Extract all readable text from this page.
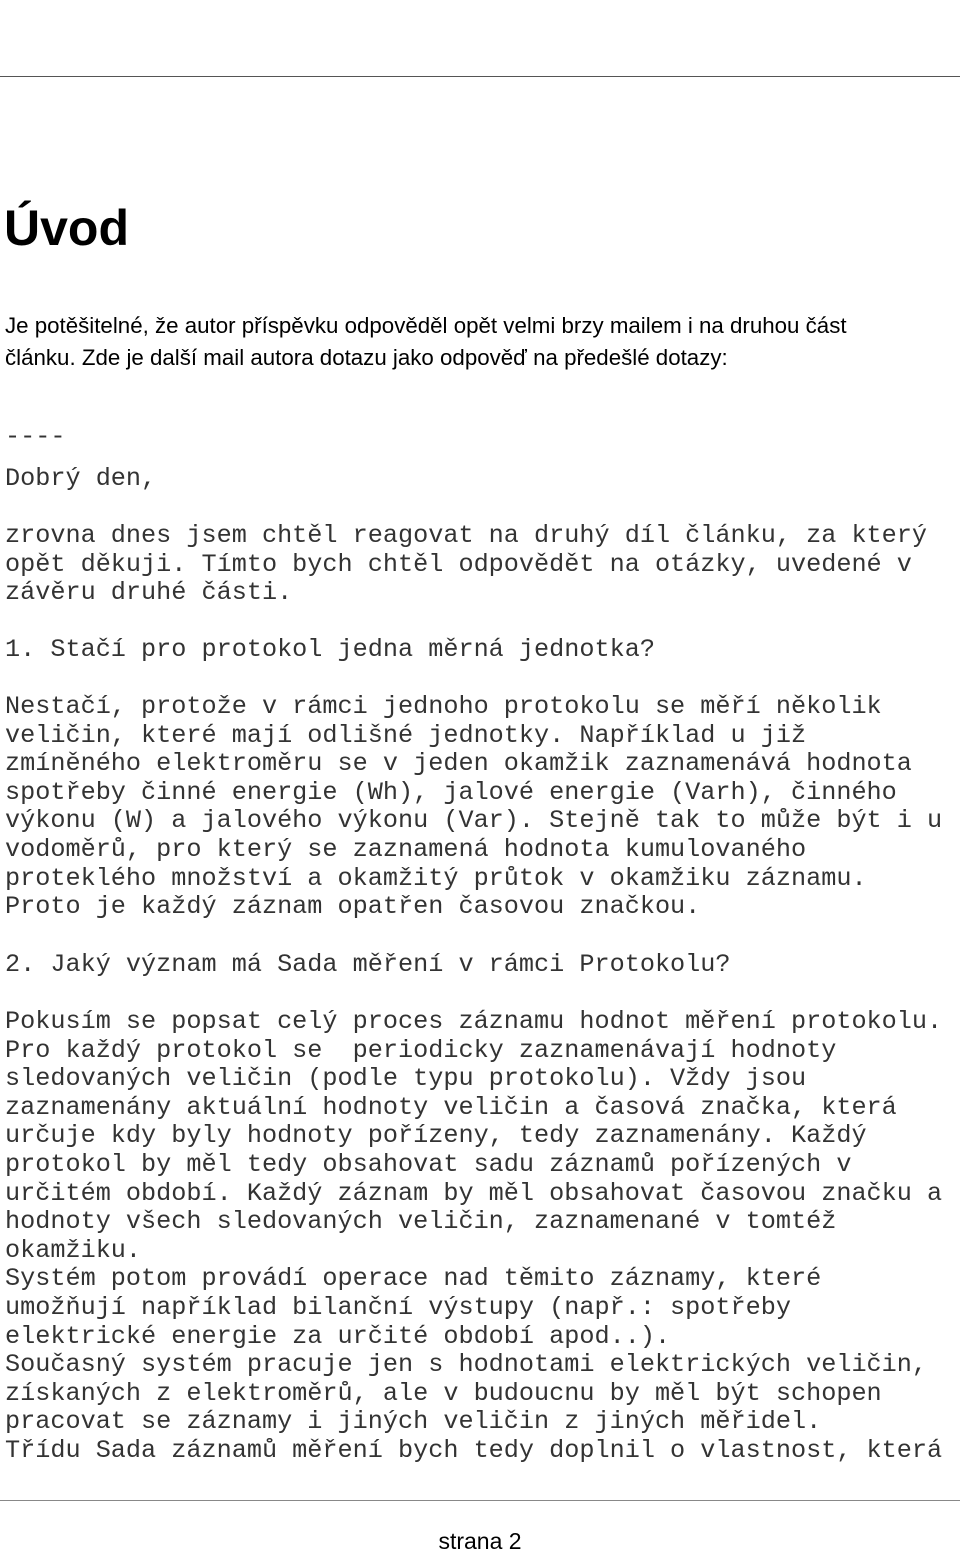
Odpověď na dotaz ohledně asociační třídy v modelu měření 3.část
© Ilja Kraval, 2007, http://www.objects.cz
Úvod

Je potěšitelné, že autor příspěvku odpověděl opět velmi brzy mailem i na druhou část
článku. Zde je další mail autora dotazu jako odpověď na předešlé dotazy:

----
Dobrý den,
zrovna dnes jsem chtěl reagovat na druhý díl článku, za který
opět děkuji. Tímto bych chtěl odpovědět na otázky, uvedené v
závěru druhé části.
1. Stačí pro protokol jedna měrná jednotka?
Nestačí, protože v rámci jednoho protokolu se měří několik
veličin, které mají odlišné jednotky. Například u již
zmíněného elektroměru se v jeden okamžik zaznamenává hodnota
spotřeby činné energie (Wh), jalové energie (Varh), činného
výkonu (W) a jalového výkonu (Var). Stejně tak to může být i u
vodoměrů, pro který se zaznamená hodnota kumulovaného
protekléhо množství a okamžitý průtok v okamžiku záznamu.
Proto je každý záznam opatřen časovou značkou.
2. Jaký význam má Sada měření v rámci Protokolu?
Pokusím se popsat celý proces záznamu hodnot měření protokolu.
Pro každý protokol se  periodicky zaznamenávají hodnoty
sledovaných veličin (podle typu protokolu). Vždy jsou
zaznamenány aktuální hodnoty veličin a časová značka, která
určuje kdy byly hodnoty pořízeny, tedy zaznamenány. Každý
protokol by měl tedy obsahovat sadu záznamů pořízených v
určitém období. Každý záznam by měl obsahovat časovou značku a
hodnoty všech sledovaných veličin, zaznamenané v tomtéž
okamžiku.
Systém potom provádí operace nad těmito záznamy, které
umožňují například bilanční výstupy (např.: spotřeby
elektrické energie za určité období apod..).
Současný systém pracuje jen s hodnotami elektrických veličin,
získaných z elektroměrů, ale v budoucnu by měl být schopen
pracovat se záznamy i jiných veličin z jiných měřidel.
Třídu Sada záznamů měření bych tedy doplnil o vlastnost, která
strana 2
